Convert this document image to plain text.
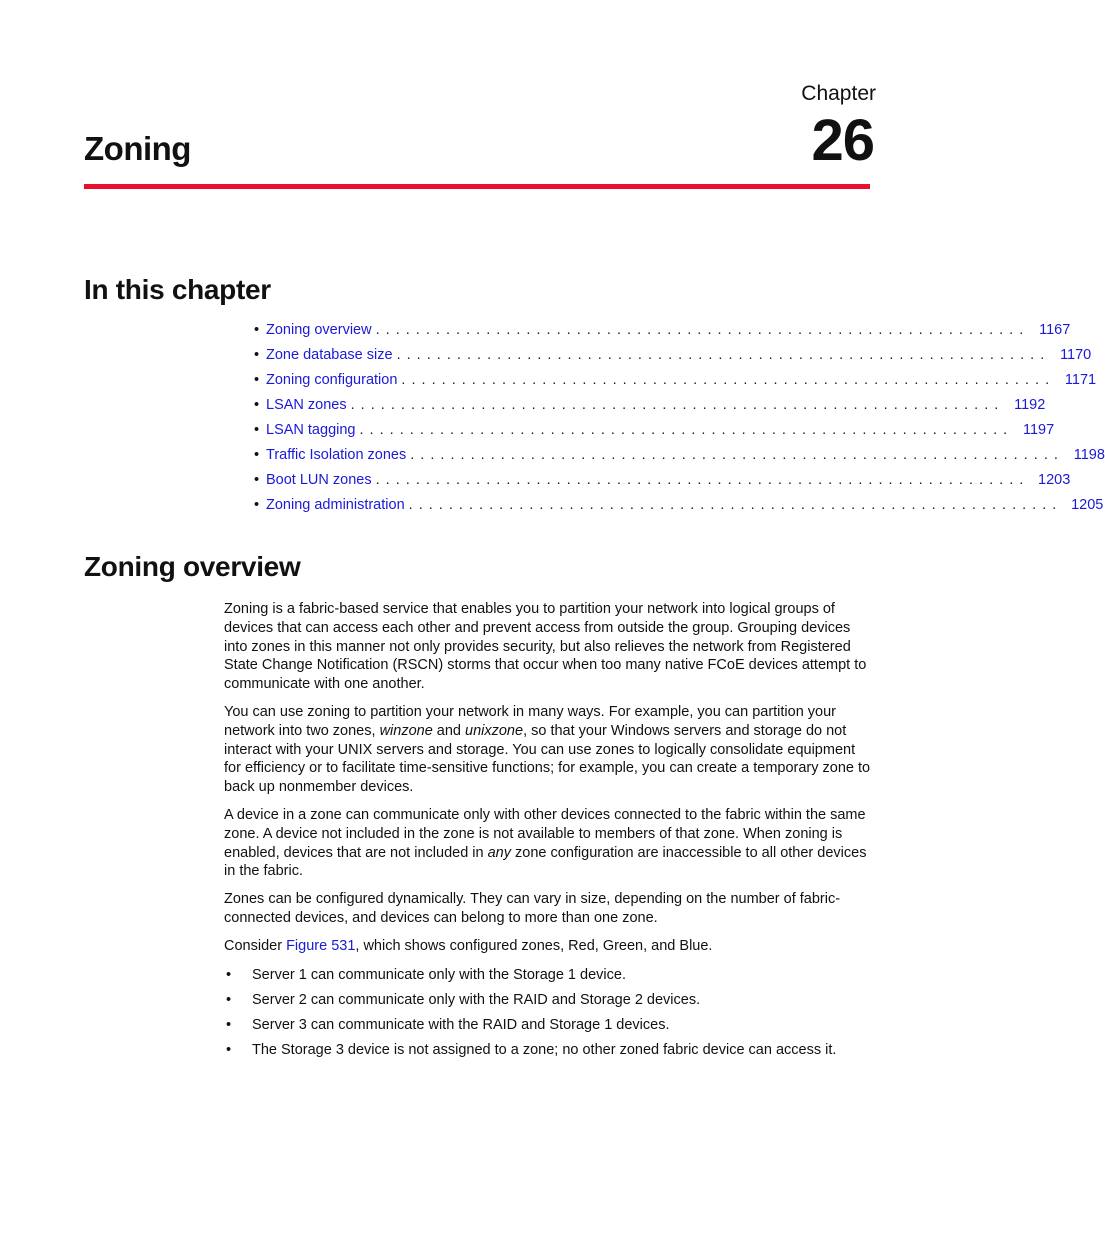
Chapter
26
Zoning
In this chapter
• Zoning overview . . . . . . . . . . . . . . . . . . . . . . . . . . . . . . . . . . . . . . . . . . . . . . . . . . . . . . . . . . . . . . . . .	1167
• Zone database size . . . . . . . . . . . . . . . . . . . . . . . . . . . . . . . . . . . . . . . . . . . . . . . . . . . . . . . . . . . . . . . . .	1170
• Zoning configuration . . . . . . . . . . . . . . . . . . . . . . . . . . . . . . . . . . . . . . . . . . . . . . . . . . . . . . . . . . . . . . . . .	1171
• LSAN zones . . . . . . . . . . . . . . . . . . . . . . . . . . . . . . . . . . . . . . . . . . . . . . . . . . . . . . . . . . . . . . . . .	1192
• LSAN tagging . . . . . . . . . . . . . . . . . . . . . . . . . . . . . . . . . . . . . . . . . . . . . . . . . . . . . . . . . . . . . . . . .	1197
• Traffic Isolation zones . . . . . . . . . . . . . . . . . . . . . . . . . . . . . . . . . . . . . . . . . . . . . . . . . . . . . . . . . . . . . . . . .	1198
• Boot LUN zones . . . . . . . . . . . . . . . . . . . . . . . . . . . . . . . . . . . . . . . . . . . . . . . . . . . . . . . . . . . . . . . . . 1203
• Zoning administration . . . . . . . . . . . . . . . . . . . . . . . . . . . . . . . . . . . . . . . . . . . . . . . . . . . . . . . . . . . . . . . . . 1205
Zoning overview

Zoning is a fabric-based service that enables you to partition your network into logical groups of devices that can access each other and prevent access from outside the group. Grouping devices into zones in this manner not only provides security, but also relieves the network from Registered State Change Notification (RSCN) storms that occur when too many native FCoE devices attempt to communicate with one another.

You can use zoning to partition your network in many ways. For example, you can partition your network into two zones, winzone and unixzone, so that your Windows servers and storage do not interact with your UNIX servers and storage. You can use zones to logically consolidate equipment for efficiency or to facilitate time-sensitive functions; for example, you can create a temporary zone to back up nonmember devices.

A device in a zone can communicate only with other devices connected to the fabric within the same zone. A device not included in the zone is not available to members of that zone. When zoning is enabled, devices that are not included in any zone configuration are inaccessible to all other devices in the fabric.

Zones can be configured dynamically. They can vary in size, depending on the number of fabric-connected devices, and devices can belong to more than one zone.

Consider Figure 531, which shows configured zones, Red, Green, and Blue.

• Server 1 can communicate only with the Storage 1 device.
• Server 2 can communicate only with the RAID and Storage 2 devices.
• Server 3 can communicate with the RAID and Storage 1 devices.
• The Storage 3 device is not assigned to a zone; no other zoned fabric device can access it.
